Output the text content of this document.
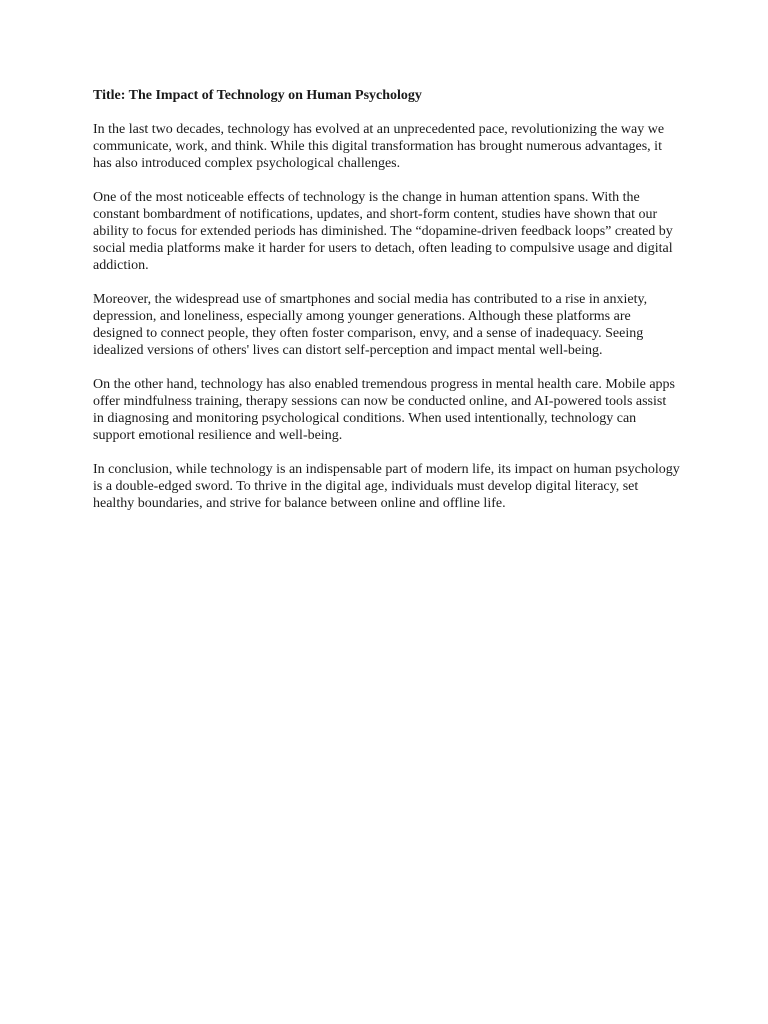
Title: The Impact of Technology on Human Psychology

In the last two decades, technology has evolved at an unprecedented pace, revolutionizing the way we communicate, work, and think. While this digital transformation has brought numerous advantages, it has also introduced complex psychological challenges.

One of the most noticeable effects of technology is the change in human attention spans. With the constant bombardment of notifications, updates, and short-form content, studies have shown that our ability to focus for extended periods has diminished. The “dopamine-driven feedback loops” created by social media platforms make it harder for users to detach, often leading to compulsive usage and digital addiction.

Moreover, the widespread use of smartphones and social media has contributed to a rise in anxiety, depression, and loneliness, especially among younger generations. Although these platforms are designed to connect people, they often foster comparison, envy, and a sense of inadequacy. Seeing idealized versions of others' lives can distort self-perception and impact mental well-being.

On the other hand, technology has also enabled tremendous progress in mental health care. Mobile apps offer mindfulness training, therapy sessions can now be conducted online, and AI-powered tools assist in diagnosing and monitoring psychological conditions. When used intentionally, technology can support emotional resilience and well-being.

In conclusion, while technology is an indispensable part of modern life, its impact on human psychology is a double-edged sword. To thrive in the digital age, individuals must develop digital literacy, set healthy boundaries, and strive for balance between online and offline life.
